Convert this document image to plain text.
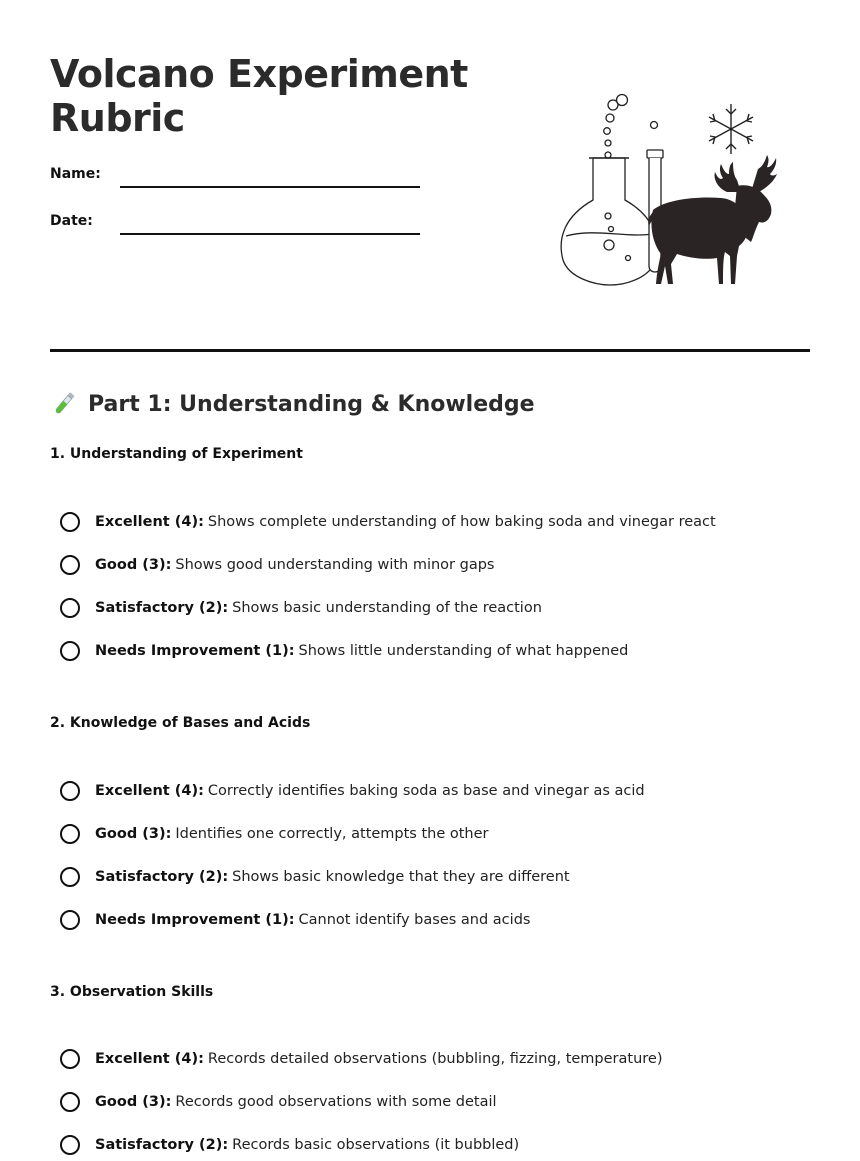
Volcano Experiment
Rubric
Name:
Date:
Part 1: Understanding & Knowledge
1. Understanding of Experiment
Excellent (4): Shows complete understanding of how baking soda and vinegar react
Good (3): Shows good understanding with minor gaps
Satisfactory (2): Shows basic understanding of the reaction
Needs Improvement (1): Shows little understanding of what happened
2. Knowledge of Bases and Acids
Excellent (4): Correctly identifies baking soda as base and vinegar as acid
Good (3): Identifies one correctly, attempts the other
Satisfactory (2): Shows basic knowledge that they are different
Needs Improvement (1): Cannot identify bases and acids
3. Observation Skills
Excellent (4): Records detailed observations (bubbling, fizzing, temperature)
Good (3): Records good observations with some detail
Satisfactory (2): Records basic observations (it bubbled)
